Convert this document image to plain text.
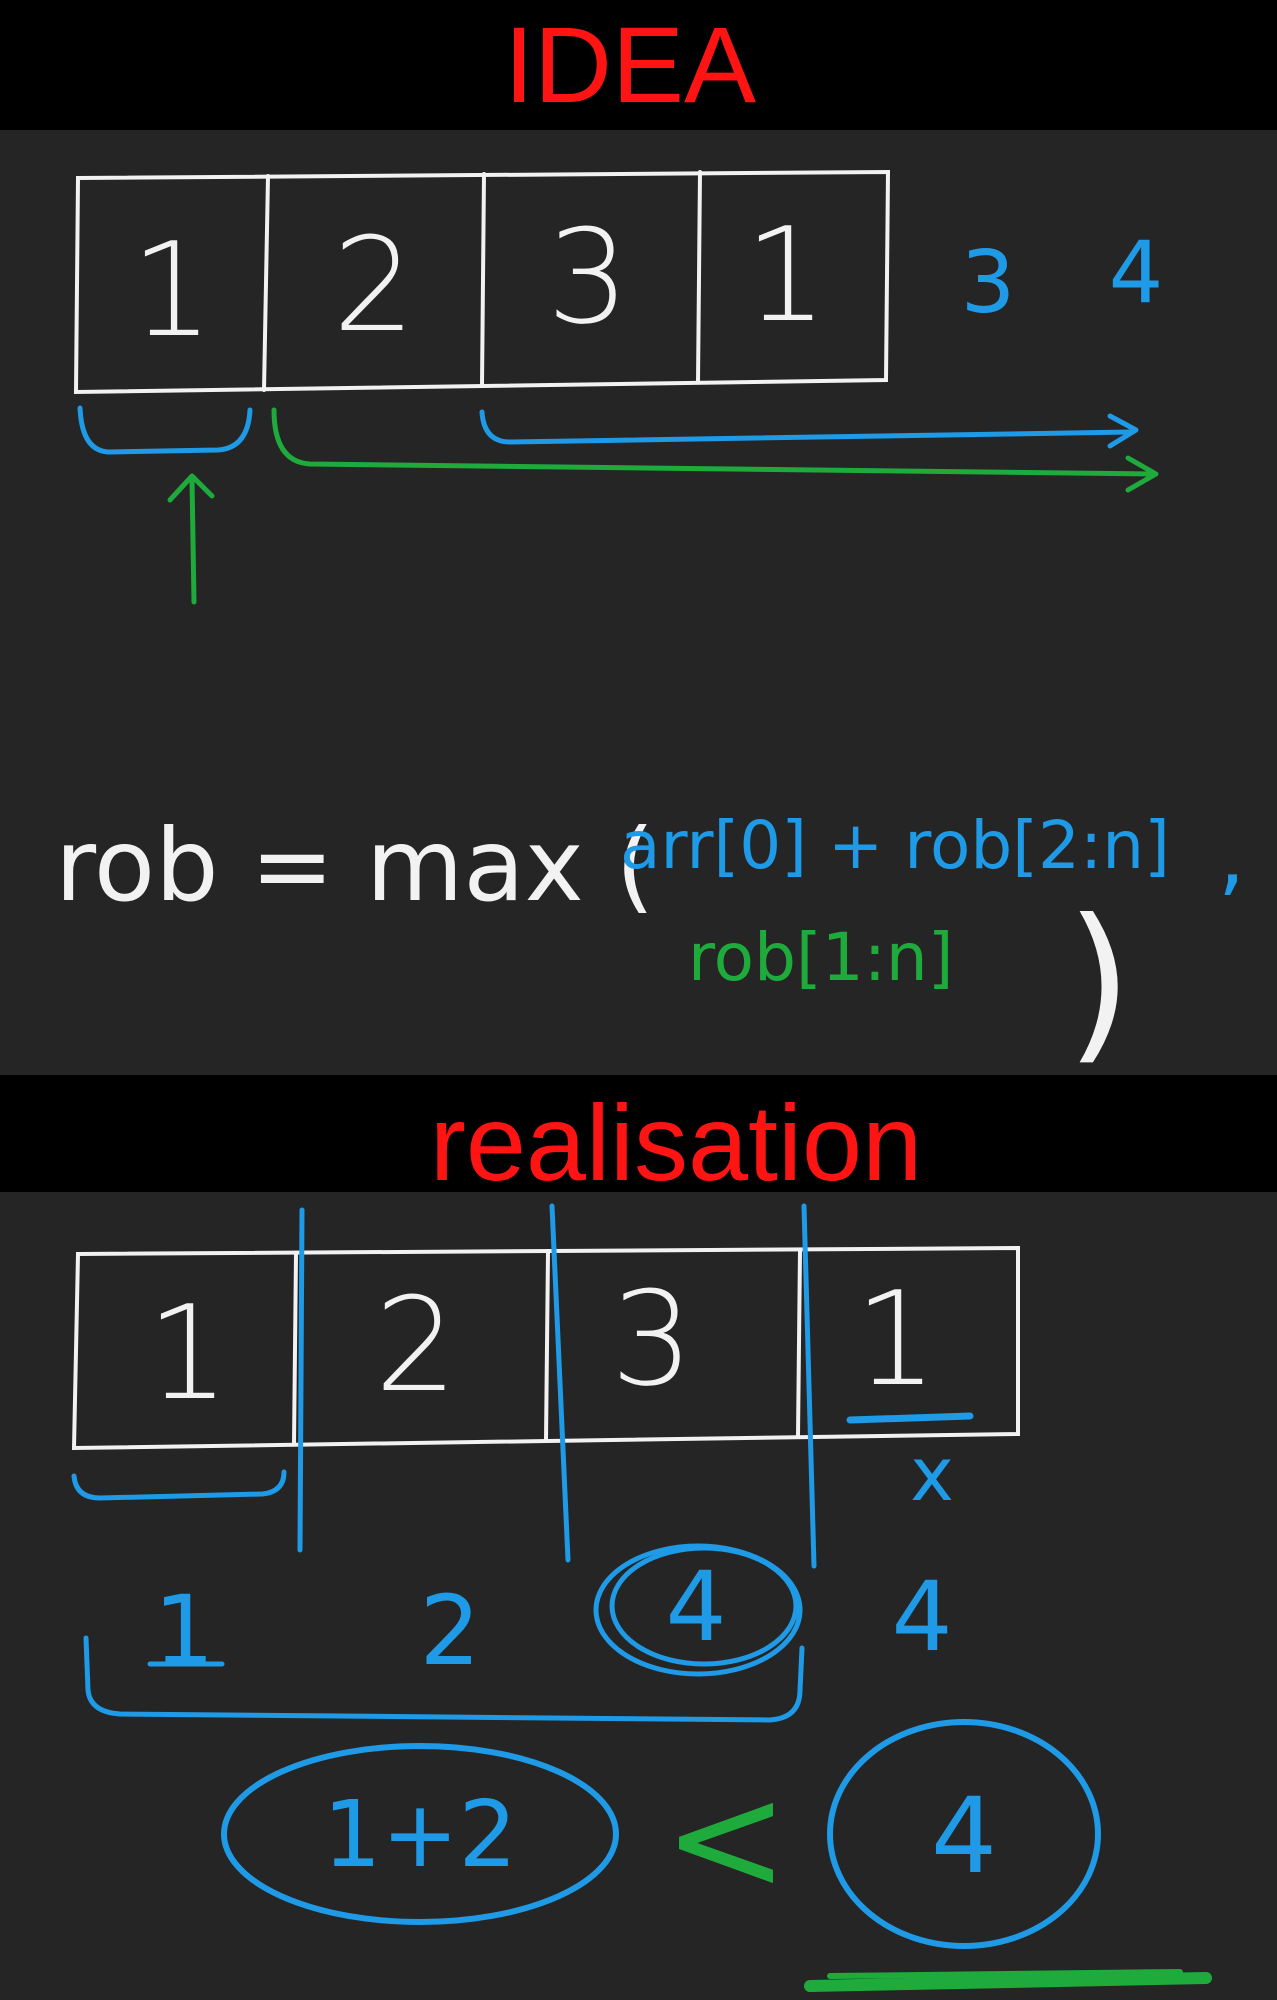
IDEA
1 2 3 1 3 4
rob = max (
arr[0] + rob[2:n] ,
rob[1:n] )
realisation
1 2 3 1
x
1 2 4 4
1+2 < 4
